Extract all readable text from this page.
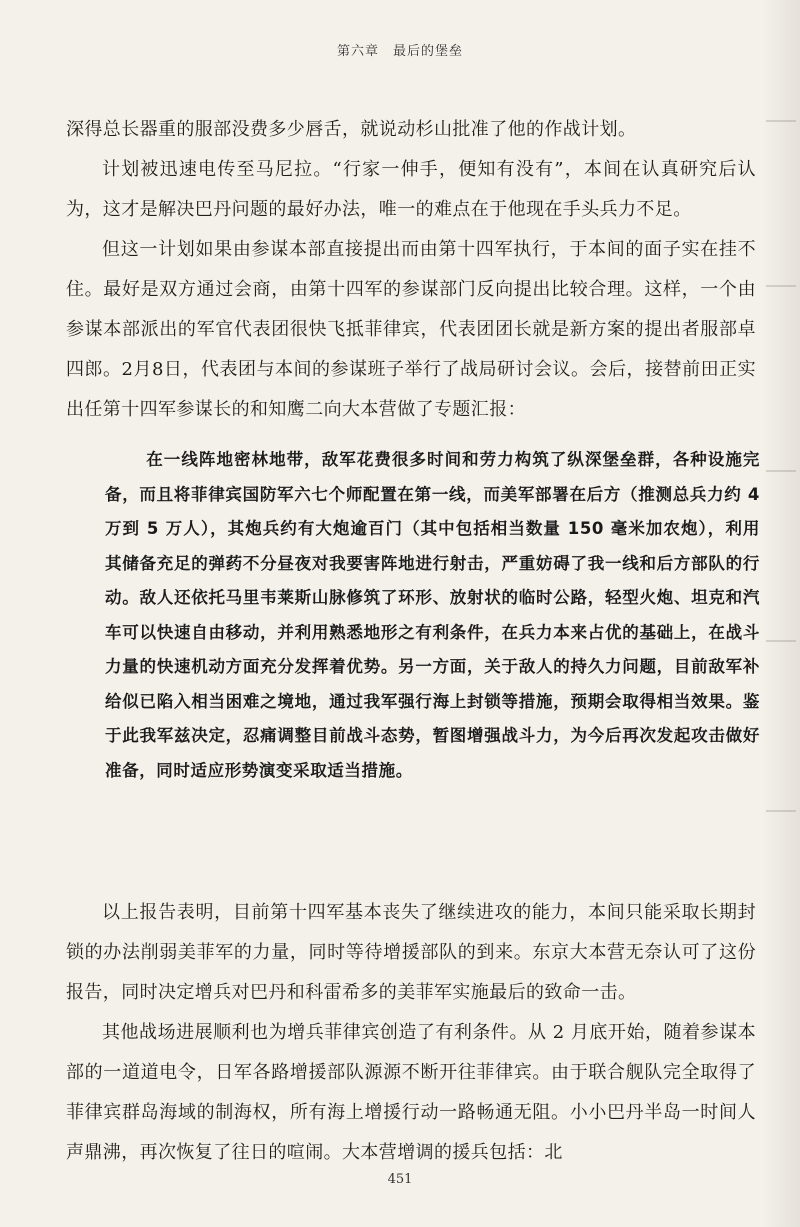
第六章　最后的堡垒

深得总长器重的服部没费多少唇舌，就说动杉山批准了他的作战计划。

计划被迅速电传至马尼拉。“行家一伸手，便知有没有”，本间在认真研究后认为，这才是解决巴丹问题的最好办法，唯一的难点在于他现在手头兵力不足。

但这一计划如果由参谋本部直接提出而由第十四军执行，于本间的面子实在挂不住。最好是双方通过会商，由第十四军的参谋部门反向提出比较合理。这样，一个由参谋本部派出的军官代表团很快飞抵菲律宾，代表团团长就是新方案的提出者服部卓四郎。2月8日，代表团与本间的参谋班子举行了战局研讨会议。会后，接替前田正实出任第十四军参谋长的和知鹰二向大本营做了专题汇报：

在一线阵地密林地带，敌军花费很多时间和劳力构筑了纵深堡垒群，各种设施完备，而且将菲律宾国防军六七个师配置在第一线，而美军部署在后方（推测总兵力约 4 万到 5 万人），其炮兵约有大炮逾百门（其中包括相当数量 150 毫米加农炮），利用其储备充足的弹药不分昼夜对我要害阵地进行射击，严重妨碍了我一线和后方部队的行动。敌人还依托马里韦莱斯山脉修筑了环形、放射状的临时公路，轻型火炮、坦克和汽车可以快速自由移动，并利用熟悉地形之有利条件，在兵力本来占优的基础上，在战斗力量的快速机动方面充分发挥着优势。另一方面，关于敌人的持久力问题，目前敌军补给似已陷入相当困难之境地，通过我军强行海上封锁等措施，预期会取得相当效果。鉴于此我军兹决定，忍痛调整目前战斗态势，暂图增强战斗力，为今后再次发起攻击做好准备，同时适应形势演变采取适当措施。

以上报告表明，目前第十四军基本丧失了继续进攻的能力，本间只能采取长期封锁的办法削弱美菲军的力量，同时等待增援部队的到来。东京大本营无奈认可了这份报告，同时决定增兵对巴丹和科雷希多的美菲军实施最后的致命一击。

其他战场进展顺利也为增兵菲律宾创造了有利条件。从 2 月底开始，随着参谋本部的一道道电令，日军各路增援部队源源不断开往菲律宾。由于联合舰队完全取得了菲律宾群岛海域的制海权，所有海上增援行动一路畅通无阻。小小巴丹半岛一时间人声鼎沸，再次恢复了往日的喧闹。大本营增调的援兵包括：北

451
